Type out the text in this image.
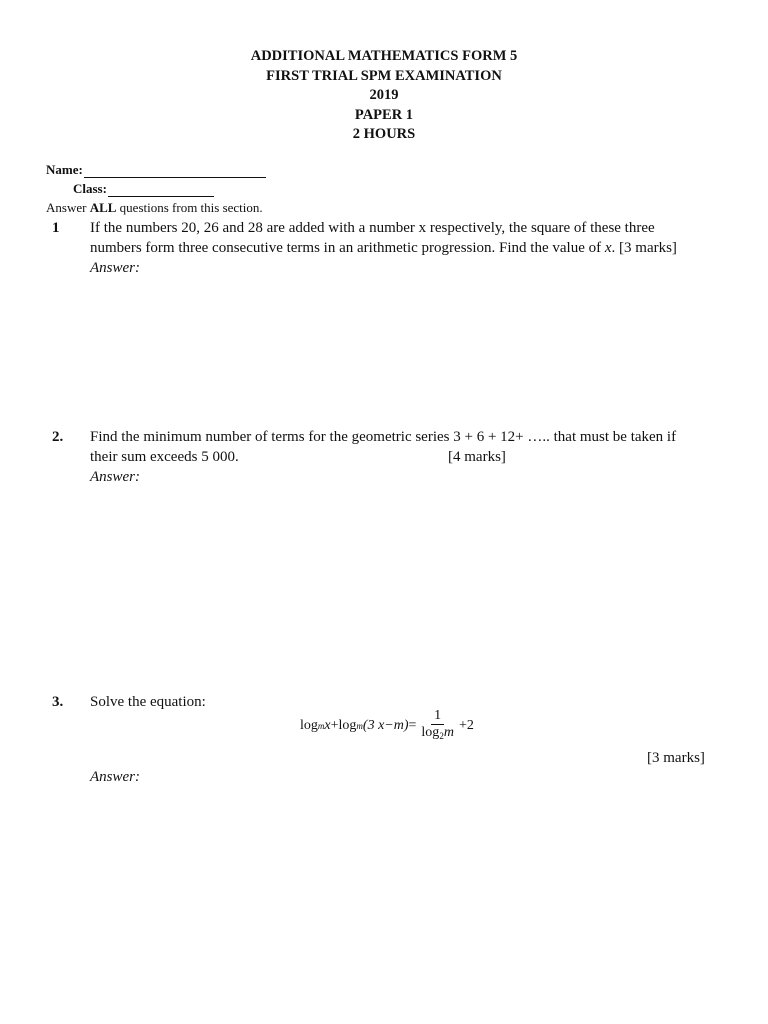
ADDITIONAL MATHEMATICS FORM 5
FIRST TRIAL SPM EXAMINATION
2019
PAPER 1
2 HOURS
Name:
Class:
Answer ALL questions from this section.
1	If the numbers 20, 26 and 28 are added with a number x respectively, the square of these three
numbers form three consecutive terms in an arithmetic progression. Find the value of x. [3 marks]
Answer:
2.	Find the minimum number of terms for the geometric series 3 + 6 + 12+ ….. that must be taken if
their sum exceeds 5 000.	[4 marks]
Answer:
3.	Solve the equation:
log m x + log m (3 $x-m) = \frac{1}{\log_2m} +2$
[3 marks]
Answer:
